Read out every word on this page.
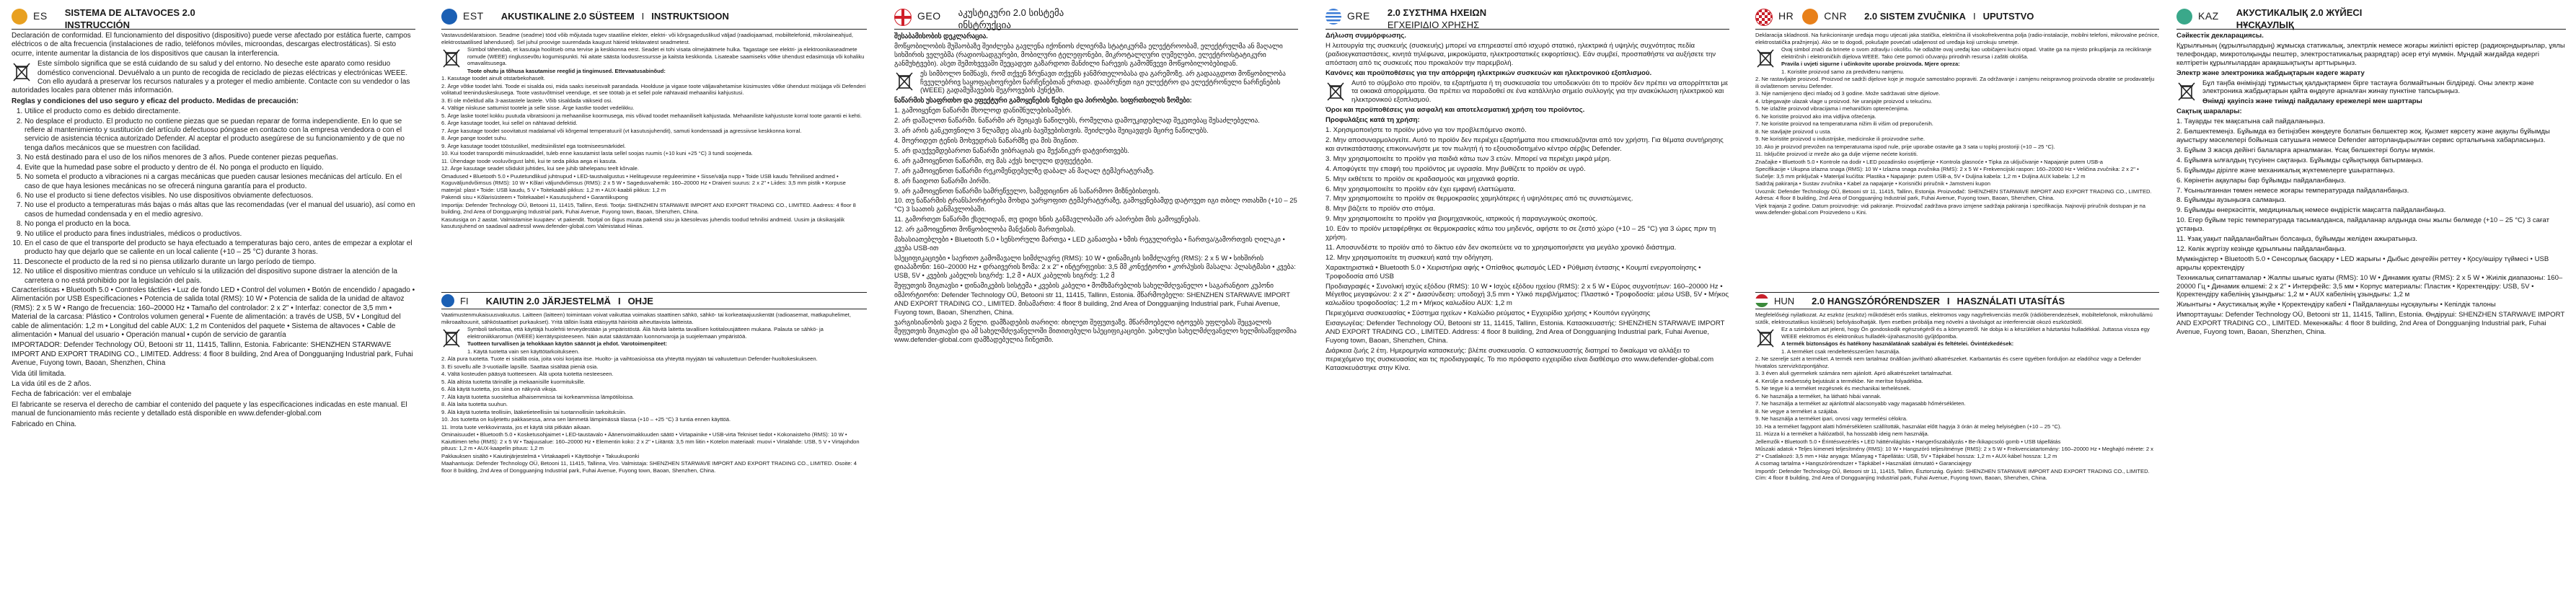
ES SISTEMA DE ALTAVOCES 2.0
INSTRUCCIÓN

Declaración de conformidad. El funcionamiento del dispositivo (dispositivo) puede verse afectado por estática fuerte, campos eléctricos o de alta frecuencia (instalaciones de radio, teléfonos móviles, microondas, descargas electrostáticas). Si esto ocurre, intente aumentar la distancia de los dispositivos que causan la interferencia.

Este símbolo significa que se está cuidando de su salud y del entorno. No deseche este aparato como residuo doméstico convencional. Devuélvalo a un punto de recogida de reciclado de piezas eléctricas y electrónicas WEEE. Con ello ayudará a preservar los recursos naturales y a proteger el medio ambiente. Contacte con su vendedor o las autoridades locales para obtener más información.

Reglas y condiciones del uso seguro y eficaz del producto. Medidas de precaución:

1. Utilice el producto como es debido directamente.
2. No desplace el producto. El producto no contiene piezas que se puedan reparar de forma independiente. En lo que se refiere al mantenimiento y sustitución del artículo defectuoso póngase en contacto con la empresa vendedora o con el servicio de asistencia técnica autorizado Defender. Al aceptar el producto asegúrese de su funcionamiento y de que no tenga daños mecánicos que se muestren con facilidad.
3. No está destinado para el uso de los niños menores de 3 años. Puede contener piezas pequeñas.
4. Evite que la humedad pase sobre el producto y dentro de él. No ponga el producto en líquido.
5. No someta el producto a vibraciones ni a cargas mecánicas que pueden causar lesiones mecánicas del artículo. En el caso de que haya lesiones mecánicas no se ofrecerá ninguna garantía para el producto.
6. No use el producto si tiene defectos visibles. No use dispositivos obviamente defectuosos.
7. No use el producto a temperaturas más bajas o más altas que las recomendadas (ver el manual del usuario), así como en casos de humedad condensada y en el medio agresivo.
8. No ponga el producto en la boca.
9. No utilice el producto para fines industriales, médicos o productivos.
10. En el caso de que el transporte del producto se haya efectuado a temperaturas bajo cero, antes de empezar a explotar el producto hay que dejarlo que se caliente en un local caliente (+10 – 25 °C) durante 3 horas.
11. Desconecte el producto de la red si no piensa utilizarlo durante un largo período de tiempo.
12. No utilice el dispositivo mientras conduce un vehículo si la utilización del dispositivo supone distraer la atención de la carretera o no está prohibido por la legislación del país.

Características • Bluetooth 5.0 • Controles táctiles • Luz de fondo LED • Control del volumen • Botón de encendido / apagado • Alimentación por USB Especificaciones • Potencia de salida total (RMS): 10 W • Potencia de salida de la unidad de altavoz (RMS): 2 x 5 W • Rango de frecuencia: 160–20000 Hz • Tamaño del controlador: 2 x 2" • Interfaz: conector de 3,5 mm • Material de la carcasa: Plástico • Controlos volumen general • Fuente de alimentación: a través de USB, 5V • Longitud del cable de alimentación: 1,2 m • Longitud del cable AUX: 1,2 m Contenidos del paquete • Sistema de altavoces • Cable de alimentación • Manual del usuario • Operación manual • cupón de servicio de garantía

IMPORTADOR: Defender Technology OÜ, Betooni str 11, 11415, Tallinn, Estonia. Fabricante: SHENZHEN STARWAVE IMPORT AND EXPORT TRADING CO., LIMITED. Address: 4 floor 8 building, 2nd Area of Dongguanjing Industrial park, Fuhai Avenue, Fuyong town, Baoan, Shenzhen, China

Vida útil limitada.

La vida útil es de 2 años.

Fecha de fabricación: ver el embalaje

El fabricante se reserva el derecho de cambiar el contenido del paquete y las especificaciones indicadas en este manual. El manual de funcionamiento más reciente y detallado está disponible en www.defender-global.com

Fabricado en China.

EST AKUSTIKALINE 2.0 SÜSTEEM I INSTRUKTSIOON

Vastavusdeklaratsioon. Seadme (seadme) tööd võib mõjutada tugev staatiline elekter, elektri- või kõrgsageduslikud väljad (raadiojaamad, mobiiltelefonid, mikrolaineahjud, elektrostaatilised lahendused). Sel juhul proovige suurendada kaugust häireid tekitavatest seadmetest.

Sümbol tähendab, et kasutaja hoolitseb oma tervise ja keskkonna eest. Seadet ei tohi visata olmejäätmete hulka. Tagastage see elektri- ja elektroonikaseadmete romude (WEEE) ringlussevõtu kogumispunkti. Nii aitate säästa loodusressursse ja kaitsta keskkonda. Lisateabe saamiseks võtke ühendust edasimüüja või kohaliku omavalitsusega.

Toote ohutu ja tõhusa kasutamise reeglid ja tingimused. Ettevaatusabinõud:

1. Kasutage toodet ainult otstarbekohaselt.

2. Ärge võtke toodet lahti. Toode ei sisalda osi, mida saaks iseseisvalt parandada. Hoolduse ja vigase toote väljavahetamise küsimustes võtke ühendust müüjaga või Defenderi volitatud teeninduskeskusega. Toote vastuvõtmisel veenduge, et see töötab ja et sellel pole nähtavaid mehaanilisi kahjustusi.

3. Ei ole mõeldud alla 3-aastastele lastele. Võib sisaldada väikseid osi.

4. Vältige niiskuse sattumist tootele ja selle sisse. Ärge kastke toodet vedelikku.

5. Ärge laske tootel kokku puutuda vibratsiooni ja mehaanilise koormusega, mis võivad toodet mehaaniliselt kahjustada. Mehaaniliste kahjustuste korral toote garantii ei kehti.

6. Ärge kasutage toodet, kui sellel on nähtavad defektid.

7. Ärge kasutage toodet soovitatust madalamal või kõrgemal temperatuuril (vt kasutusjuhendit), samuti kondensaadi ja agressiivse keskkonna korral.

8. Ärge pange toodet suhu.

9. Ärge kasutage toodet tööstuslikel, meditsiinilistel ega tootmiseesmärkidel.

10. Kui toodet transporditi miinuskraadidel, tuleb enne kasutamist lasta sellel soojas ruumis (+10 kuni +25 °C) 3 tundi soojeneda.

11. Ühendage toode vooluvõrgust lahti, kui te seda pikka aega ei kasuta.

12. Ärge kasutage seadet sõidukit juhtides, kui see juhib tähelepanu teelt kõrvale.

Omadused • Bluetooth 5.0 • Puutetundlikud juhtnupud • LED-taustvalgustus • Helitugevuse reguleerimine • Sisse/välja nupp • Toide USB kaudu Tehnilised andmed • Koguväljundvõimsus (RMS): 10 W • Kõlari väljundvõimsus (RMS): 2 x 5 W • Sagedusvahemik: 160–20000 Hz • Draiveri suurus: 2 x 2" • Liides: 3,5 mm pistik • Korpuse materjal: plast • Toide: USB kaudu, 5 V • Toitekaabli pikkus: 1,2 m • AUX-kaabli pikkus: 1,2 m

Pakendi sisu • Kõlarisüsteem • Toitekaabel • Kasutusjuhend • Garantiikupong

Importija: Defender Technology OÜ, Betooni 11, 11415, Tallinn, Eesti. Tootja: SHENZHEN STARWAVE IMPORT AND EXPORT TRADING CO., LIMITED. Aadress: 4 floor 8 building, 2nd Area of Dongguanjing Industrial park, Fuhai Avenue, Fuyong town, Baoan, Shenzhen, China.

Kasutusiga on 2 aastat. Valmistamise kuupäev: vt pakendit. Tootjal on õigus muuta pakendi sisu ja käesolevas juhendis toodud tehnilisi andmeid. Uusim ja üksikasjalik kasutusjuhend on saadaval aadressil www.defender-global.com Valmistatud Hiinas.

FI KAIUTIN 2.0 JÄRJESTELMÄ I OHJE

Vaatimustenmukaisuusvakuutus. Laitteen (laitteen) toimintaan voivat vaikuttaa voimakas staattinen sähkö, sähkö- tai korkeataajuuskentät (radioasemat, matkapuhelimet, mikroaaltouunit, sähköstaattiset purkaukset). Yritä tällöin lisätä etäisyyttä häiriöitä aiheuttavista laitteista.

Symboli tarkoittaa, että käyttäjä huolehtii terveydestään ja ympäristöstä. Älä hävitä laitetta tavallisen kotitalousjätteen mukana. Palauta se sähkö- ja elektroniikkaromun (WEEE) kierrätyspisteeseen. Näin autat säästämään luonnonvaroja ja suojelemaan ympäristöä.

Tuotteen turvallisen ja tehokkaan käytön säännöt ja ehdot. Varotoimenpiteet:

1. Käytä tuotetta vain sen käyttötarkoitukseen.

2. Älä pura tuotetta. Tuote ei sisällä osia, joita voisi korjata itse. Huolto- ja vaihtoasioissa ota yhteyttä myyjään tai valtuutettuun Defender-huoltokeskukseen.

3. Ei sovellu alle 3-vuotiaille lapsille. Saattaa sisältää pieniä osia.

4. Vältä kosteuden pääsyä tuotteeseen. Älä upota tuotetta nesteeseen.

5. Älä altista tuotetta tärinälle ja mekaanisille kuormituksille.

6. Älä käytä tuotetta, jos siinä on näkyviä vikoja.

7. Älä käytä tuotetta suositeltua alhaisemmissa tai korkeammissa lämpötiloissa.

8. Älä laita tuotetta suuhun.

9. Älä käytä tuotetta teollisiin, lääketieteellisiin tai tuotannollisiin tarkoituksiin.

10. Jos tuotetta on kuljetettu pakkasessa, anna sen lämmetä lämpimässä tilassa (+10 – +25 °C) 3 tuntia ennen käyttöä.

11. Irrota tuote verkkovirrasta, jos et käytä sitä pitkään aikaan.

Ominaisuudet • Bluetooth 5.0 • Kosketusohjaimet • LED-taustavalo • Äänenvoimakkuuden säätö • Virtapainike • USB-virta Tekniset tiedot • Kokonaisteho (RMS): 10 W • Kaiuttimen teho (RMS): 2 x 5 W • Taajuusalue: 160–20000 Hz • Elementin koko: 2 x 2" • Liitäntä: 3,5 mm liitin • Kotelon materiaali: muovi • Virtalähde: USB, 5 V • Virtajohdon pituus: 1,2 m • AUX-kaapelin pituus: 1,2 m

Pakkauksen sisältö • Kaiutinjärjestelmä • Virtakaapeli • Käyttöohje • Takuukuponki

Maahantuoja: Defender Technology OÜ, Betooni 11, 11415, Tallinna, Viro. Valmistaja: SHENZHEN STARWAVE IMPORT AND EXPORT TRADING CO., LIMITED. Osoite: 4 floor 8 building, 2nd Area of Dongguanjing Industrial park, Fuhai Avenue, Fuyong town, Baoan, Shenzhen, China.

GEO აკუსტიკური 2.0 სისტემა
ინსტრუქცია

შესაბამისობის დეკლარაცია.

მოწყობილობის მუშაობაზე შეიძლება გავლენა იქონიოს ძლიერმა სტატიკურმა ელექტროობამ, ელექტრულმა ან მაღალი სიხშირის ველებმა (რადიოსადგურები, მობილური ტელეფონები, მიკროტალღური ღუმელები, ელექტროსტატიკური განმუხტვები). ასეთ შემთხვევაში შეეცადეთ გაზარდოთ მანძილი ჩარევის გამომწვევი მოწყობილობებიდან.

ეს სიმბოლო ნიშნავს, რომ თქვენ ზრუნავთ თქვენს ჯანმრთელობასა და გარემოზე. არ გადააგდოთ მოწყობილობა ჩვეულებრივ საყოფაცხოვრებო ნარჩენებთან ერთად. დააბრუნეთ იგი ელექტრო და ელექტრონული ნარჩენების (WEEE) გადამუშავების შეგროვების პუნქტში.

ნაწარმის უსაფრთხო და ეფექტური გამოყენების წესები და პირობები. სიფრთხილის ზომები:

1. გამოიყენეთ ნაწარმი მხოლოდ დანიშნულებისამებრ.

2. არ დაშალოთ ნაწარმი. ნაწარმი არ შეიცავს ნაწილებს, რომელთა დამოუკიდებლად შეკეთებაც შესაძლებელია.

3. არ არის განკუთვნილი 3 წლამდე ასაკის ბავშვებისთვის. შეიძლება შეიცავდეს მცირე ნაწილებს.

4. მოერიდეთ ტენის მოხვედრას ნაწარმზე და მის შიგნით.

5. არ დაუქვემდებაროთ ნაწარმი ვიბრაციას და მექანიკურ დატვირთვებს.

6. არ გამოიყენოთ ნაწარმი, თუ მას აქვს ხილული დეფექტები.

7. არ გამოიყენოთ ნაწარმი რეკომენდებულზე დაბალ ან მაღალ ტემპერატურაზე.

8. არ ჩაიდოთ ნაწარმი პირში.

9. არ გამოიყენოთ ნაწარმი სამრეწველო, სამედიცინო ან საწარმოო მიზნებისთვის.

10. თუ ნაწარმის ტრანსპორტირება მოხდა უარყოფით ტემპერატურაზე, გამოყენებამდე დატოვეთ იგი თბილ ოთახში (+10 – 25 °C) 3 საათის განმავლობაში.

11. გამორთეთ ნაწარმი ქსელიდან, თუ დიდი ხნის განმავლობაში არ აპირებთ მის გამოყენებას.

12. არ გამოიყენოთ მოწყობილობა მანქანის მართვისას.

მახასიათებლები • Bluetooth 5.0 • სენსორული მართვა • LED განათება • ხმის რეგულირება • ჩართვა/გამორთვის ღილაკი • კვება USB-ით

სპეციფიკაციები • საერთო გამომავალი სიმძლავრე (RMS): 10 W • დინამიკის სიმძლავრე (RMS): 2 x 5 W • სიხშირის დიაპაზონი: 160–20000 Hz • დრაივერის ზომა: 2 x 2" • ინტერფეისი: 3,5 მმ კონექტორი • კორპუსის მასალა: პლასტმასი • კვება: USB, 5V • კვების კაბელის სიგრძე: 1,2 მ • AUX კაბელის სიგრძე: 1,2 მ

შეფუთვის შიგთავსი • დინამიკების სისტემა • კვების კაბელი • მომხმარებლის სახელმძღვანელო • საგარანტიო კუპონი

იმპორტიორი: Defender Technology OÜ, Betooni str 11, 11415, Tallinn, Estonia. მწარმოებელი: SHENZHEN STARWAVE IMPORT AND EXPORT TRADING CO., LIMITED. მისამართი: 4 floor 8 building, 2nd Area of Dongguanjing Industrial park, Fuhai Avenue, Fuyong town, Baoan, Shenzhen, China.

ვარგისიანობის ვადა 2 წელი. დამზადების თარიღი: იხილეთ შეფუთვაზე. მწარმოებელი იტოვებს უფლებას შეცვალოს შეფუთვის შიგთავსი და ამ სახელმძღვანელოში მითითებული სპეციფიკაციები. უახლესი სახელმძღვანელო ხელმისაწვდომია www.defender-global.com დამზადებულია ჩინეთში.

GRE 2.0 ΣΥΣΤΗΜΑ ΗΧΕΙΩΝ
ΕΓΧΕΙΡΙΔΙΟ ΧΡΗΣΗΣ

Δήλωση συμμόρφωσης.

Η λειτουργία της συσκευής (συσκευής) μπορεί να επηρεαστεί από ισχυρό στατικό, ηλεκτρικά ή υψηλής συχνότητας πεδία (ραδιοεγκαταστάσεις, κινητά τηλέφωνα, μικροκύματα, ηλεκτροστατικές εκφορτίσεις). Εάν συμβεί, προσπαθήστε να αυξήσετε την απόσταση από τις συσκευές που προκαλούν την παρεμβολή.

Κανόνες και προϋποθέσεις για την απόρριψη ηλεκτρικών συσκευών και ηλεκτρονικού εξοπλισμού.

Αυτό το σύμβολο στο προϊόν, τα εξαρτήματα ή τη συσκευασία του υποδεικνύει ότι το προϊόν δεν πρέπει να απορρίπτεται με τα οικιακά απορρίμματα. Θα πρέπει να παραδοθεί σε ένα κατάλληλο σημείο συλλογής για την ανακύκλωση ηλεκτρικού και ηλεκτρονικού εξοπλισμού.

Όροι και προϋποθέσεις για ασφαλή και αποτελεσματική χρήση του προϊόντος.

Προφυλάξεις κατά τη χρήση:

1. Χρησιμοποιήστε το προϊόν μόνο για τον προβλεπόμενο σκοπό.

2. Μην αποσυναρμολογείτε. Αυτό το προϊόν δεν περιέχει εξαρτήματα που επισκευάζονται από τον χρήστη. Για θέματα συντήρησης και αντικατάστασης επικοινωνήστε με τον πωλητή ή το εξουσιοδοτημένο κέντρο σέρβις Defender.

3. Μην χρησιμοποιείτε το προϊόν για παιδιά κάτω των 3 ετών. Μπορεί να περιέχει μικρά μέρη.

4. Αποφύγετε την επαφή του προϊόντος με υγρασία. Μην βυθίζετε το προϊόν σε υγρό.

5. Μην εκθέτετε το προϊόν σε κραδασμούς και μηχανικά φορτία.

6. Μην χρησιμοποιείτε το προϊόν εάν έχει εμφανή ελαττώματα.

7. Μην χρησιμοποιείτε το προϊόν σε θερμοκρασίες χαμηλότερες ή υψηλότερες από τις συνιστώμενες.

8. Μην βάζετε το προϊόν στο στόμα.

9. Μην χρησιμοποιείτε το προϊόν για βιομηχανικούς, ιατρικούς ή παραγωγικούς σκοπούς.

10. Εάν το προϊόν μεταφέρθηκε σε θερμοκρασίες κάτω του μηδενός, αφήστε το σε ζεστό χώρο (+10 – 25 °C) για 3 ώρες πριν τη χρήση.

11. Αποσυνδέστε το προϊόν από το δίκτυο εάν δεν σκοπεύετε να το χρησιμοποιήσετε για μεγάλο χρονικό διάστημα.

12. Μην χρησιμοποιείτε τη συσκευή κατά την οδήγηση.

Χαρακτηριστικά • Bluetooth 5.0 • Χειριστήρια αφής • Οπίσθιος φωτισμός LED • Ρύθμιση έντασης • Κουμπί ενεργοποίησης • Τροφοδοσία από USB

Προδιαγραφές • Συνολική ισχύς εξόδου (RMS): 10 W • Ισχύς εξόδου ηχείου (RMS): 2 x 5 W • Εύρος συχνοτήτων: 160–20000 Hz • Μέγεθος μεγαφώνου: 2 x 2" • Διασύνδεση: υποδοχή 3,5 mm • Υλικό περιβλήματος: Πλαστικό • Τροφοδοσία: μέσω USB, 5V • Μήκος καλωδίου τροφοδοσίας: 1,2 m • Μήκος καλωδίου AUX: 1,2 m

Περιεχόμενα συσκευασίας • Σύστημα ηχείων • Καλώδιο ρεύματος • Εγχειρίδιο χρήσης • Κουπόνι εγγύησης

Εισαγωγέας: Defender Technology OÜ, Betooni str 11, 11415, Tallinn, Estonia. Κατασκευαστής: SHENZHEN STARWAVE IMPORT AND EXPORT TRADING CO., LIMITED. Address: 4 floor 8 building, 2nd Area of Dongguanjing Industrial park, Fuhai Avenue, Fuyong town, Baoan, Shenzhen, China.

Διάρκεια ζωής 2 έτη. Ημερομηνία κατασκευής: βλέπε συσκευασία. Ο κατασκευαστής διατηρεί το δικαίωμα να αλλάξει το περιεχόμενο της συσκευασίας και τις προδιαγραφές. Το πιο πρόσφατο εγχειρίδιο είναι διαθέσιμο στο www.defender-global.com Κατασκευάστηκε στην Κίνα.

HR	CNR 2.0 SISTEM ZVUČNIKA I UPUTSTVO

Deklaracija skladnosti. Na funkcioniranje uređaja mogu utjecati jaka statička, električna ili visokofrekventna polja (radio-instalacije, mobilni telefoni, mikrovalne pećnice, elektrostatička pražnjenja). Ako se to dogodi, pokušajte povećati udaljenost od uređaja koji uzrokuju smetnje.

Ovaj simbol znači da brinete o svom zdravlju i okolišu. Ne odlažite ovaj uređaj kao uobičajeni kućni otpad. Vratite ga na mjesto prikupljanja za recikliranje električnih i elektroničkih dijelova WEEE. Tako ćete pomoći očuvanju prirodnih resursa i zaštiti okoliša.

Pravila i uvjeti sigurne i učinkovite uporabe proizvoda. Mjere opreza:

1. Koristite proizvod samo za predviđenu namjenu.

2. Ne rastavljajte proizvod. Proizvod ne sadrži dijelove koje je moguće samostalno popraviti. Za održavanje i zamjenu neispravnog proizvoda obratite se prodavatelju ili ovlaštenom servisu Defender.

3. Nije namijenjeno djeci mlađoj od 3 godine. Može sadržavati sitne dijelove.

4. Izbjegavajte ulazak vlage u proizvod. Ne uranjajte proizvod u tekućinu.

5. Ne izlažite proizvod vibracijama i mehaničkim opterećenjima.

6. Ne koristite proizvod ako ima vidljiva oštećenja.

7. Ne koristite proizvod na temperaturama nižim ili višim od preporučenih.

8. Ne stavljajte proizvod u usta.

9. Ne koristite proizvod u industrijske, medicinske ili proizvodne svrhe.

10. Ako je proizvod prevožen na temperaturama ispod nule, prije uporabe ostavite ga 3 sata u toploj prostoriji (+10 – 25 °C).

11. Isključite proizvod iz mreže ako ga dulje vrijeme nećete koristiti.

Značajke • Bluetooth 5.0 • Kontrole na dodir • LED pozadinsko osvjetljenje • Kontrola glasnoće • Tipka za uključivanje • Napajanje putem USB-a

Specifikacije • Ukupna izlazna snaga (RMS): 10 W • Izlazna snaga zvučnika (RMS): 2 x 5 W • Frekvencijski raspon: 160–20000 Hz • Veličina zvučnika: 2 x 2" • Sučelje: 3,5 mm priključak • Materijal kućišta: Plastika • Napajanje: putem USB-a, 5V • Duljina kabela: 1,2 m • Duljina AUX kabela: 1,2 m

Sadržaj pakiranja • Sustav zvučnika • Kabel za napajanje • Korisnički priručnik • Jamstveni kupon

Uvoznik: Defender Technology OÜ, Betooni str 11, 11415, Tallinn, Estonija. Proizvođač: SHENZHEN STARWAVE IMPORT AND EXPORT TRADING CO., LIMITED. Adresa: 4 floor 8 building, 2nd Area of Dongguanjing Industrial park, Fuhai Avenue, Fuyong town, Baoan, Shenzhen, China.

Vijek trajanja 2 godine. Datum proizvodnje: vidi pakiranje. Proizvođač zadržava pravo izmjene sadržaja pakiranja i specifikacija. Najnoviji priručnik dostupan je na www.defender-global.com Proizvedeno u Kini.

HUN 2.0 HANGSZÓRÓRENDSZER I HASZNÁLATI UTASÍTÁS

Megfelelőségi nyilatkozat. Az eszköz (eszköz) működését erős statikus, elektromos vagy nagyfrekvenciás mezők (rádióberendezések, mobiltelefonok, mikrohullámú sütők, elektrosztatikus kisülések) befolyásolhatják. Ilyen esetben próbálja meg növelni a távolságot az interferenciát okozó eszközöktől.

Ez a szimbólum azt jelenti, hogy Ön gondoskodik egészségéről és a környezetről. Ne dobja ki a készüléket a háztartási hulladékkal. Juttassa vissza egy WEEE elektromos és elektronikus hulladék-újrahasznosító gyűjtőpontba.

A termék biztonságos és hatékony használatának szabályai és feltételei. Óvintézkedések:

1. A terméket csak rendeltetésszerűen használja.

2. Ne szerelje szét a terméket. A termék nem tartalmaz önállóan javítható alkatrészeket. Karbantartás és csere ügyében forduljon az eladóhoz vagy a Defender hivatalos szervizközpontjához.

3. 3 éven aluli gyermekek számára nem ajánlott. Apró alkatrészeket tartalmazhat.

4. Kerülje a nedvesség bejutását a termékbe. Ne merítse folyadékba.

5. Ne tegye ki a terméket rezgésnek és mechanikai terhelésnek.

6. Ne használja a terméket, ha látható hibái vannak.

7. Ne használja a terméket az ajánlottnál alacsonyabb vagy magasabb hőmérsékleten.

8. Ne vegye a terméket a szájába.

9. Ne használja a terméket ipari, orvosi vagy termelési célokra.

10. Ha a terméket fagypont alatti hőmérsékleten szállították, használat előtt hagyja 3 órán át meleg helyiségben (+10 – 25 °C).

11. Húzza ki a terméket a hálózatból, ha hosszabb ideig nem használja.

Jellemzők • Bluetooth 5.0 • Érintésvezérlés • LED háttérvilágítás • Hangerőszabályzás • Be-/kikapcsoló gomb • USB tápellátás

Műszaki adatok • Teljes kimeneti teljesítmény (RMS): 10 W • Hangszóró teljesítménye (RMS): 2 x 5 W • Frekvenciatartomány: 160–20000 Hz • Meghajtó mérete: 2 x 2" • Csatlakozó: 3,5 mm • Ház anyaga: Műanyag • Tápellátás: USB, 5V • Tápkábel hossza: 1,2 m • AUX-kábel hossza: 1,2 m

A csomag tartalma • Hangszórórendszer • Tápkábel • Használati útmutató • Garanciajegy

Importőr: Defender Technology OÜ, Betooni str 11, 11415, Tallinn, Észtország. Gyártó: SHENZHEN STARWAVE IMPORT AND EXPORT TRADING CO., LIMITED. Cím: 4 floor 8 building, 2nd Area of Dongguanjing Industrial park, Fuhai Avenue, Fuyong town, Baoan, Shenzhen, China.

KAZ АКУСТИКАЛЫҚ 2.0 ЖҮЙЕСІ
НҰСҚАУЛЫҚ

Сәйкестік декларациясы.

Құрылғының (құрылғылардың) жұмысқа статикалық, электрлік немесе жоғары жиілікті өрістер (радиоқондырғылар, ұялы телефондар, микротолқынды пештер, электростатикалық разрядтар) әсер етуі мүмкін. Мұндай жағдайда кедергі келтіретін құрылғылардан арақашықтықты арттырыңыз.

Электр және электроника жабдықтарын кәдеге жарату

Бұл таңба өніміңізді тұрмыстық қалдықтармен бірге тастауға болмайтынын білдіреді. Оны электр және электроника жабдықтарын қайта өңдеуге арналған жинау пунктіне тапсырыңыз.

Өнімді қауіпсіз және тиімді пайдалану ережелері мен шарттары

Сақтық шаралары:

1. Тауарды тек мақсатына сай пайдаланыңыз.

2. Бөлшектемеңіз. Бұйымда өз бетіңізбен жөндеуге болатын бөлшектер жоқ. Қызмет көрсету және ақаулы бұйымды ауыстыру мәселелері бойынша сатушыға немесе Defender авторландырылған сервис орталығына хабарласыңыз.

3. Бұйым 3 жасқа дейінгі балаларға арналмаған. Ұсақ бөлшектері болуы мүмкін.

4. Бұйымға ылғалдың түсуінен сақтаңыз. Бұйымды сұйықтыққа батырмаңыз.

5. Бұйымды дірілге және механикалық жүктемелерге ұшыратпаңыз.

6. Көрінетін ақаулары бар бұйымды пайдаланбаңыз.

7. Ұсынылғаннан төмен немесе жоғары температурада пайдаланбаңыз.

8. Бұйымды аузыңызға салмаңыз.

9. Бұйымды өнеркәсіптік, медициналық немесе өндірістік мақсатта пайдаланбаңыз.

10. Егер бұйым теріс температурада тасымалданса, пайдаланар алдында оны жылы бөлмеде (+10 – 25 °C) 3 сағат ұстаңыз.

11. Ұзақ уақыт пайдаланбайтын болсаңыз, бұйымды желіден ажыратыңыз.

12. Көлік жүргізу кезінде құрылғыны пайдаланбаңыз.

Мүмкіндіктер • Bluetooth 5.0 • Сенсорлық басқару • LED жарығы • Дыбыс деңгейін реттеу • Қосу/өшіру түймесі • USB арқылы қоректендіру

Техникалық сипаттамалар • Жалпы шығыс қуаты (RMS): 10 W • Динамик қуаты (RMS): 2 x 5 W • Жиілік диапазоны: 160–20000 Гц • Динамик өлшемі: 2 x 2" • Интерфейс: 3,5 мм • Корпус материалы: Пластик • Қоректендіру: USB, 5V • Қоректендіру кабелінің ұзындығы: 1,2 м • AUX кабелінің ұзындығы: 1,2 м

Жиынтығы • Акустикалық жүйе • Қоректендіру кабелі • Пайдаланушы нұсқаулығы • Кепілдік талоны

Импорттаушы: Defender Technology OÜ, Betooni str 11, 11415, Tallinn, Estonia. Өндіруші: SHENZHEN STARWAVE IMPORT AND EXPORT TRADING CO., LIMITED. Мекенжайы: 4 floor 8 building, 2nd Area of Dongguanjing Industrial park, Fuhai Avenue, Fuyong town, Baoan, Shenzhen, China.
